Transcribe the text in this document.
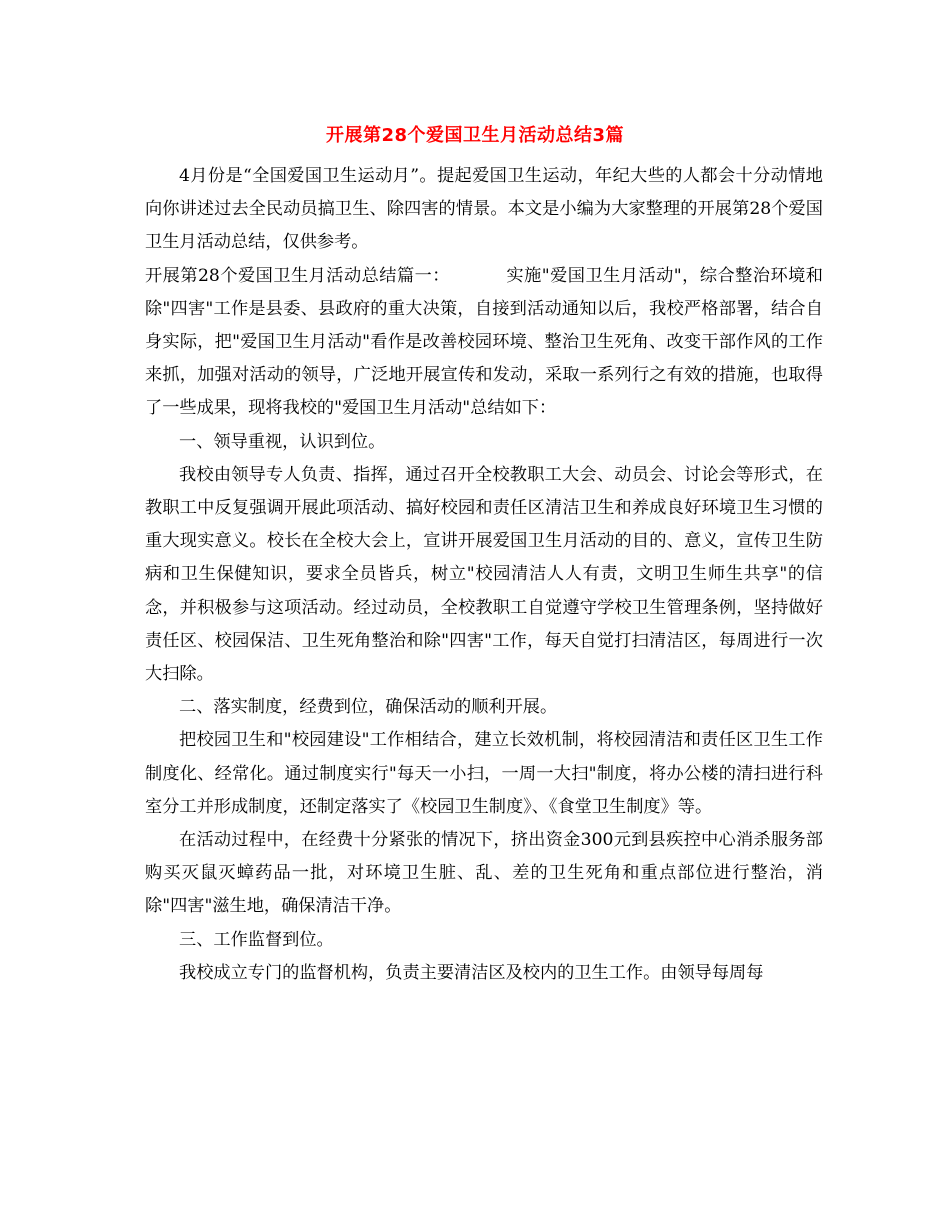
开展第28个爱国卫生月活动总结3篇

4月份是“全国爱国卫生运动月”。提起爱国卫生运动，年纪大些的人都会十分动情地向你讲述过去全民动员搞卫生、除四害的情景。本文是小编为大家整理的开展第28个爱国卫生月活动总结，仅供参考。

开展第28个爱国卫生月活动总结篇一：	实施"爱国卫生月活动"，综合整治环境和除"四害"工作是县委、县政府的重大决策，自接到活动通知以后，我校严格部署，结合自身实际，把"爱国卫生月活动"看作是改善校园环境、整治卫生死角、改变干部作风的工作来抓，加强对活动的领导，广泛地开展宣传和发动，采取一系列行之有效的措施，也取得了一些成果，现将我校的"爱国卫生月活动"总结如下：

一、领导重视，认识到位。

我校由领导专人负责、指挥，通过召开全校教职工大会、动员会、讨论会等形式，在教职工中反复强调开展此项活动、搞好校园和责任区清洁卫生和养成良好环境卫生习惯的重大现实意义。校长在全校大会上，宣讲开展爱国卫生月活动的目的、意义，宣传卫生防病和卫生保健知识，要求全员皆兵，树立"校园清洁人人有责，文明卫生师生共享"的信念，并积极参与这项活动。经过动员，全校教职工自觉遵守学校卫生管理条例，坚持做好责任区、校园保洁、卫生死角整治和除"四害"工作，每天自觉打扫清洁区，每周进行一次大扫除。

二、落实制度，经费到位，确保活动的顺利开展。

把校园卫生和"校园建设"工作相结合，建立长效机制，将校园清洁和责任区卫生工作制度化、经常化。通过制度实行"每天一小扫，一周一大扫"制度，将办公楼的清扫进行科室分工并形成制度，还制定落实了《校园卫生制度》、《食堂卫生制度》等。

在活动过程中，在经费十分紧张的情况下，挤出资金300元到县疾控中心消杀服务部购买灭鼠灭蟑药品一批，对环境卫生脏、乱、差的卫生死角和重点部位进行整治，消除"四害"滋生地，确保清洁干净。

三、工作监督到位。

我校成立专门的监督机构，负责主要清洁区及校内的卫生工作。由领导每周每
